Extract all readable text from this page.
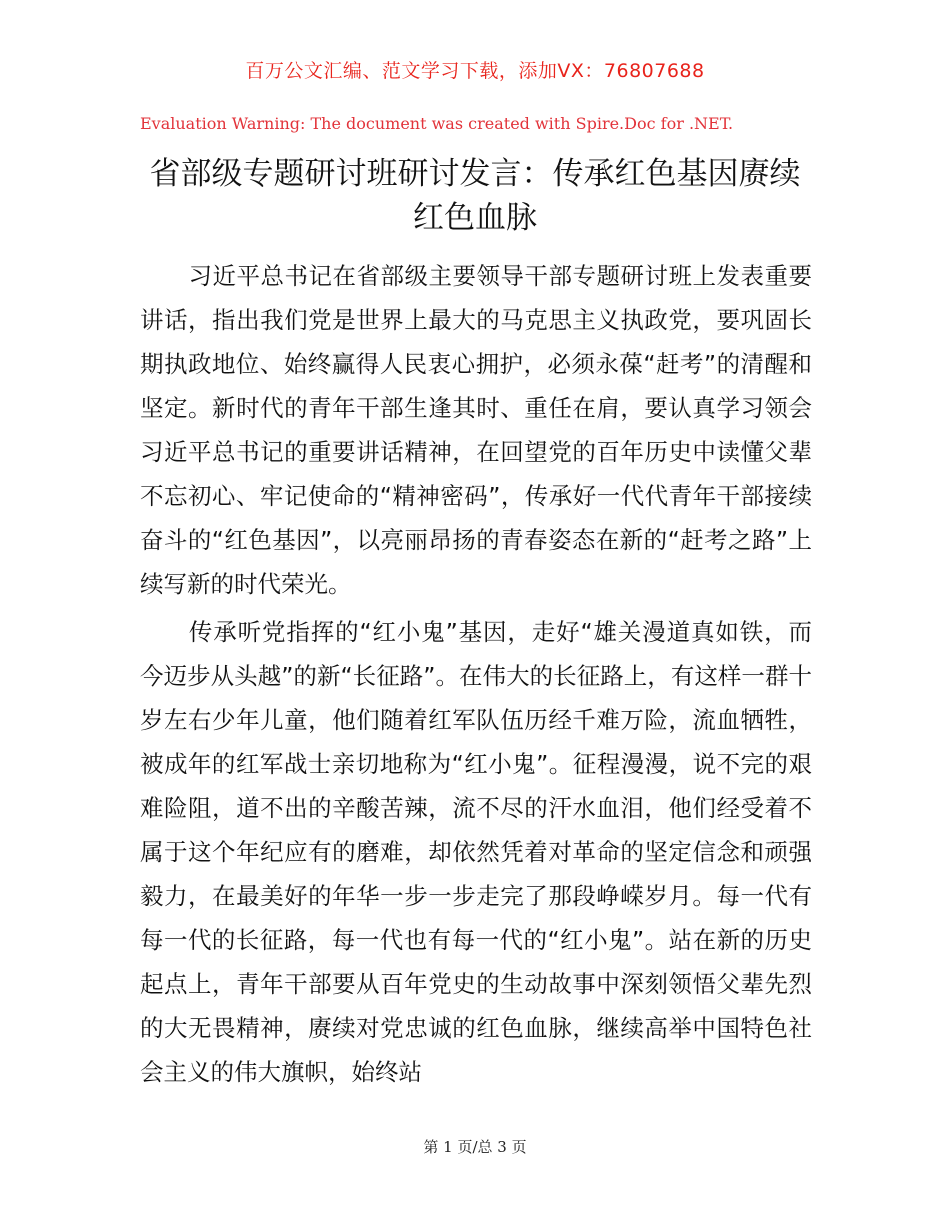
百万公文汇编、范文学习下载，添加VX：76807688
Evaluation Warning: The document was created with Spire.Doc for .NET.
省部级专题研讨班研讨发言：传承红色基因赓续红色血脉

习近平总书记在省部级主要领导干部专题研讨班上发表重要讲话，指出我们党是世界上最大的马克思主义执政党，要巩固长期执政地位、始终赢得人民衷心拥护，必须永葆“赶考”的清醒和坚定。新时代的青年干部生逢其时、重任在肩，要认真学习领会习近平总书记的重要讲话精神，在回望党的百年历史中读懂父辈不忘初心、牢记使命的“精神密码”，传承好一代代青年干部接续奋斗的“红色基因”，以亮丽昂扬的青春姿态在新的“赶考之路”上续写新的时代荣光。

传承听党指挥的“红小鬼”基因，走好“雄关漫道真如铁，而今迈步从头越”的新“长征路”。在伟大的长征路上，有这样一群十岁左右少年儿童，他们随着红军队伍历经千难万险，流血牺牲，被成年的红军战士亲切地称为“红小鬼”。征程漫漫，说不完的艰难险阻，道不出的辛酸苦辣，流不尽的汗水血泪，他们经受着不属于这个年纪应有的磨难，却依然凭着对革命的坚定信念和顽强毅力，在最美好的年华一步一步走完了那段峥嵘岁月。每一代有每一代的长征路，每一代也有每一代的“红小鬼”。站在新的历史起点上，青年干部要从百年党史的生动故事中深刻领悟父辈先烈的大无畏精神，赓续对党忠诚的红色血脉，继续高举中国特色社会主义的伟大旗帜，始终站

第 1 页/总 3 页
